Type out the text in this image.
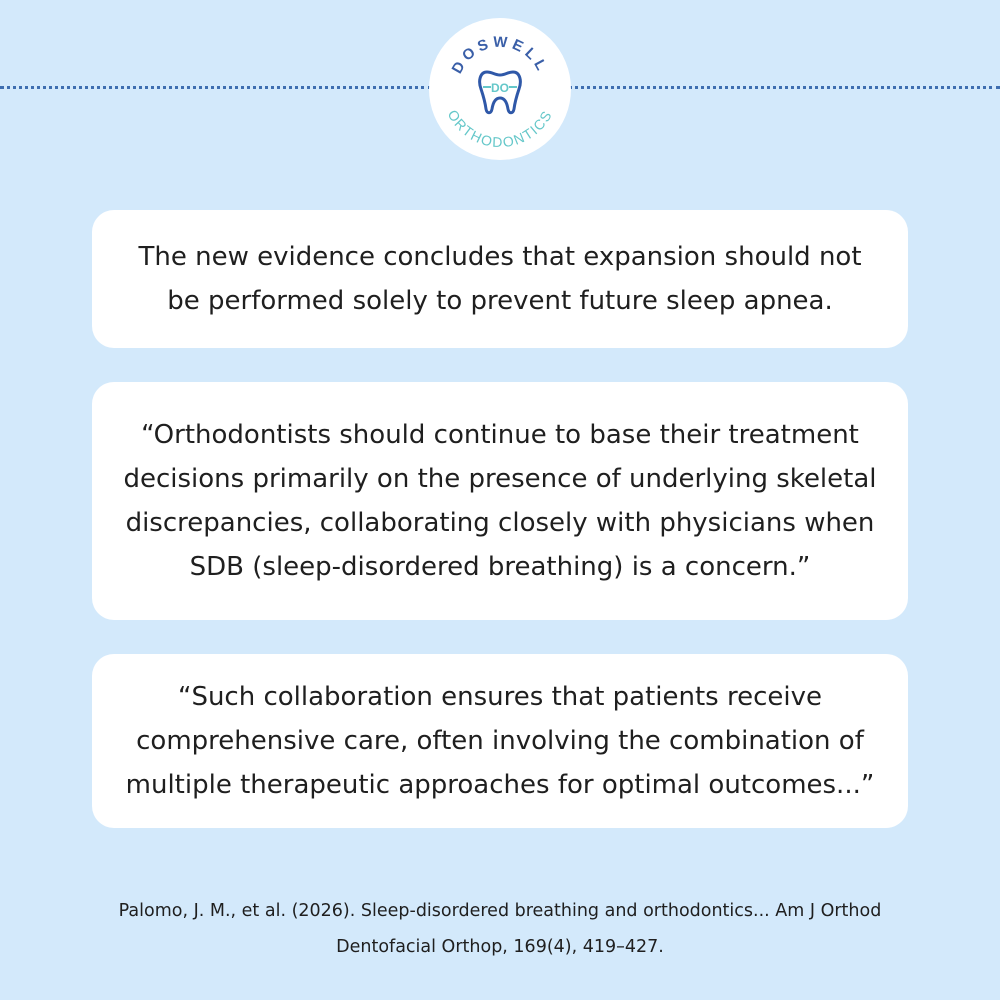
DOSWELL
ORTHODONTICS
DO

The new evidence concludes that expansion should not be performed solely to prevent future sleep apnea.

“Orthodontists should continue to base their treatment decisions primarily on the presence of underlying skeletal discrepancies, collaborating closely with physicians when SDB (sleep-disordered breathing) is a concern.”

“Such collaboration ensures that patients receive comprehensive care, often involving the combination of multiple therapeutic approaches for optimal outcomes...”

Palomo, J. M., et al. (2026). Sleep-disordered breathing and orthodontics... Am J Orthod Dentofacial Orthop, 169(4), 419–427.
